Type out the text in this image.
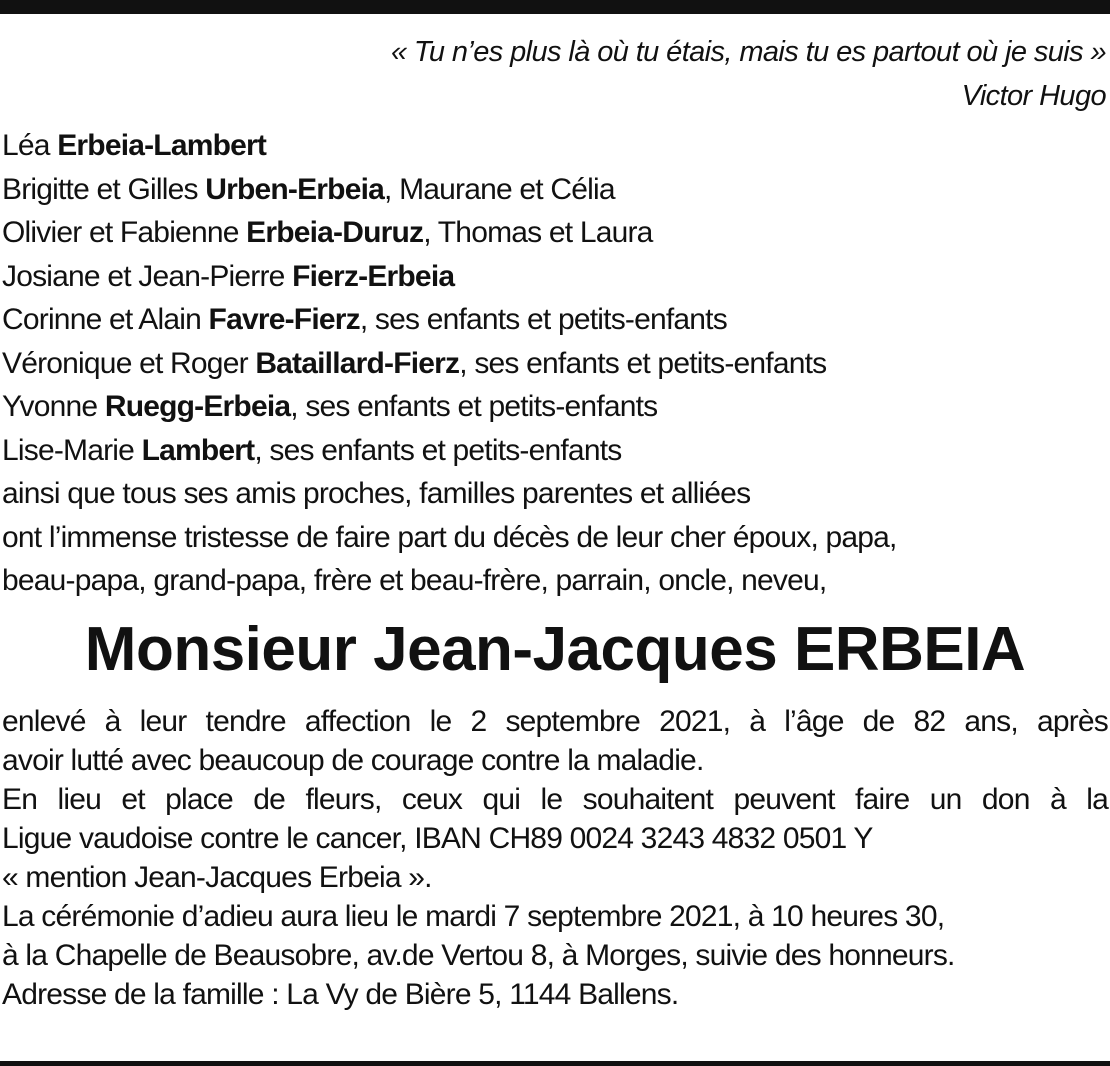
« Tu n’es plus là où tu étais, mais tu es partout où je suis »
Victor Hugo
Léa Erbeia-Lambert
Brigitte et Gilles Urben-Erbeia, Maurane et Célia
Olivier et Fabienne Erbeia-Duruz, Thomas et Laura
Josiane et Jean-Pierre Fierz-Erbeia
Corinne et Alain Favre-Fierz, ses enfants et petits-enfants
Véronique et Roger Bataillard-Fierz, ses enfants et petits-enfants
Yvonne Ruegg-Erbeia, ses enfants et petits-enfants
Lise-Marie Lambert, ses enfants et petits-enfants
ainsi que tous ses amis proches, familles parentes et alliées
ont l’immense tristesse de faire part du décès de leur cher époux, papa,
beau-papa, grand-papa, frère et beau-frère, parrain, oncle, neveu,
Monsieur Jean-Jacques ERBEIA
enlevé à leur tendre affection le 2 septembre 2021, à l’âge de 82 ans, après
avoir lutté avec beaucoup de courage contre la maladie.
En lieu et place de fleurs, ceux qui le souhaitent peuvent faire un don à la
Ligue vaudoise contre le cancer, IBAN CH89 0024 3243 4832 0501 Y
« mention Jean-Jacques Erbeia ».
La cérémonie d’adieu aura lieu le mardi 7 septembre 2021, à 10 heures 30,
à la Chapelle de Beausobre, av.de Vertou 8, à Morges, suivie des honneurs.
Adresse de la famille : La Vy de Bière 5, 1144 Ballens.
